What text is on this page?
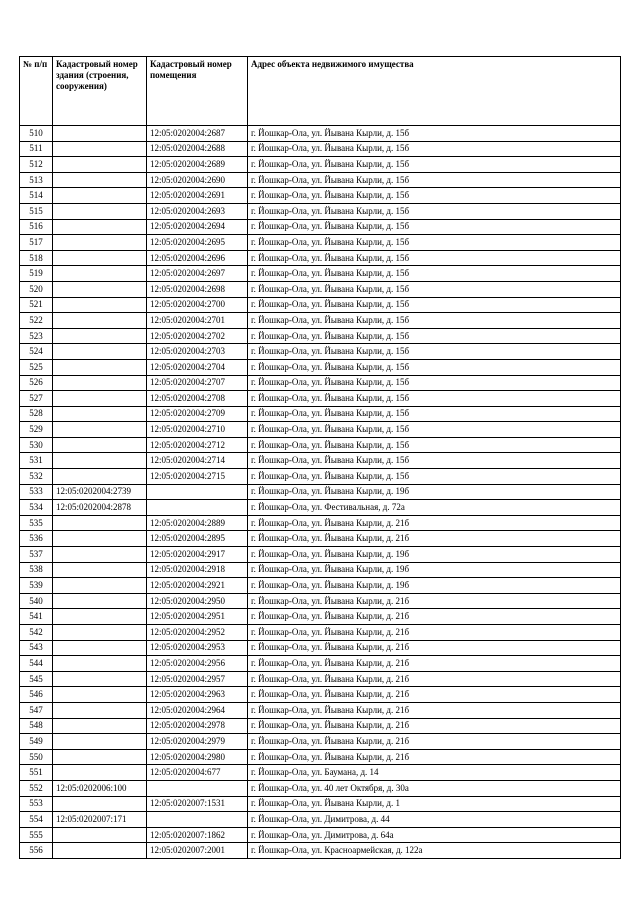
№ п/п	Кадастровый номер здания (строения, сооружения)	Кадастровый номер помещения	Адрес объекта недвижимого имущества
510		12:05:0202004:2687	г. Йошкар-Ола, ул. Йывана Кырли, д. 15б
511		12:05:0202004:2688	г. Йошкар-Ола, ул. Йывана Кырли, д. 15б
512		12:05:0202004:2689	г. Йошкар-Ола, ул. Йывана Кырли, д. 15б
513		12:05:0202004:2690	г. Йошкар-Ола, ул. Йывана Кырли, д. 15б
514		12:05:0202004:2691	г. Йошкар-Ола, ул. Йывана Кырли, д. 15б
515		12:05:0202004:2693	г. Йошкар-Ола, ул. Йывана Кырли, д. 15б
516		12:05:0202004:2694	г. Йошкар-Ола, ул. Йывана Кырли, д. 15б
517		12:05:0202004:2695	г. Йошкар-Ола, ул. Йывана Кырли, д. 15б
518		12:05:0202004:2696	г. Йошкар-Ола, ул. Йывана Кырли, д. 15б
519		12:05:0202004:2697	г. Йошкар-Ола, ул. Йывана Кырли, д. 15б
520		12:05:0202004:2698	г. Йошкар-Ола, ул. Йывана Кырли, д. 15б
521		12:05:0202004:2700	г. Йошкар-Ола, ул. Йывана Кырли, д. 15б
522		12:05:0202004:2701	г. Йошкар-Ола, ул. Йывана Кырли, д. 15б
523		12:05:0202004:2702	г. Йошкар-Ола, ул. Йывана Кырли, д. 15б
524		12:05:0202004:2703	г. Йошкар-Ола, ул. Йывана Кырли, д. 15б
525		12:05:0202004:2704	г. Йошкар-Ола, ул. Йывана Кырли, д. 15б
526		12:05:0202004:2707	г. Йошкар-Ола, ул. Йывана Кырли, д. 15б
527		12:05:0202004:2708	г. Йошкар-Ола, ул. Йывана Кырли, д. 15б
528		12:05:0202004:2709	г. Йошкар-Ола, ул. Йывана Кырли, д. 15б
529		12:05:0202004:2710	г. Йошкар-Ола, ул. Йывана Кырли, д. 15б
530		12:05:0202004:2712	г. Йошкар-Ола, ул. Йывана Кырли, д. 15б
531		12:05:0202004:2714	г. Йошкар-Ола, ул. Йывана Кырли, д. 15б
532		12:05:0202004:2715	г. Йошкар-Ола, ул. Йывана Кырли, д. 15б
533	12:05:0202004:2739		г. Йошкар-Ола, ул. Йывана Кырли, д. 19б
534	12:05:0202004:2878		г. Йошкар-Ола, ул. Фестивальная, д. 72а
535		12:05:0202004:2889	г. Йошкар-Ола, ул. Йывана Кырли, д. 21б
536		12:05:0202004:2895	г. Йошкар-Ола, ул. Йывана Кырли, д. 21б
537		12:05:0202004:2917	г. Йошкар-Ола, ул. Йывана Кырли, д. 19б
538		12:05:0202004:2918	г. Йошкар-Ола, ул. Йывана Кырли, д. 19б
539		12:05:0202004:2921	г. Йошкар-Ола, ул. Йывана Кырли, д. 19б
540		12:05:0202004:2950	г. Йошкар-Ола, ул. Йывана Кырли, д. 21б
541		12:05:0202004:2951	г. Йошкар-Ола, ул. Йывана Кырли, д. 21б
542		12:05:0202004:2952	г. Йошкар-Ола, ул. Йывана Кырли, д. 21б
543		12:05:0202004:2953	г. Йошкар-Ола, ул. Йывана Кырли, д. 21б
544		12:05:0202004:2956	г. Йошкар-Ола, ул. Йывана Кырли, д. 21б
545		12:05:0202004:2957	г. Йошкар-Ола, ул. Йывана Кырли, д. 21б
546		12:05:0202004:2963	г. Йошкар-Ола, ул. Йывана Кырли, д. 21б
547		12:05:0202004:2964	г. Йошкар-Ола, ул. Йывана Кырли, д. 21б
548		12:05:0202004:2978	г. Йошкар-Ола, ул. Йывана Кырли, д. 21б
549		12:05:0202004:2979	г. Йошкар-Ола, ул. Йывана Кырли, д. 21б
550		12:05:0202004:2980	г. Йошкар-Ола, ул. Йывана Кырли, д. 21б
551		12:05:0202004:677	г. Йошкар-Ола, ул. Баумана, д. 14
552	12:05:0202006:100		г. Йошкар-Ола, ул. 40 лет Октября, д. 30а
553		12:05:0202007:1531	г. Йошкар-Ола, ул. Йывана Кырли, д. 1
554	12:05:0202007:171		г. Йошкар-Ола, ул. Димитрова, д. 44
555		12:05:0202007:1862	г. Йошкар-Ола, ул. Димитрова, д. 64а
556		12:05:0202007:2001	г. Йошкар-Ола, ул. Красноармейская, д. 122а
